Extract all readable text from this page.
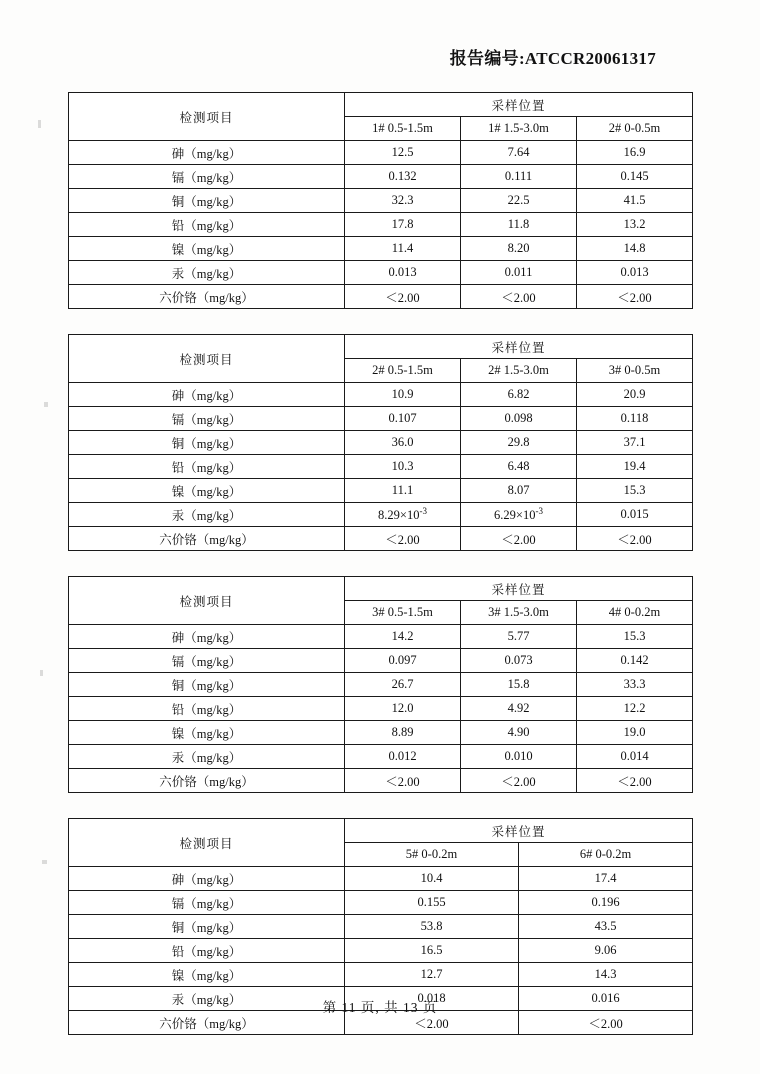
报告编号:ATCCR20061317
检测项目	采样位置		
	1# 0.5-1.5m	1# 1.5-3.0m	2# 0-0.5m
砷（mg/kg）	12.5	7.64	16.9
镉（mg/kg）	0.132	0.111	0.145
铜（mg/kg）	32.3	22.5	41.5
铅（mg/kg）	17.8	11.8	13.2
镍（mg/kg）	11.4	8.20	14.8
汞（mg/kg）	0.013	0.011	0.013
六价铬（mg/kg）	＜2.00	＜2.00	＜2.00
检测项目	采样位置		
	2# 0.5-1.5m	2# 1.5-3.0m	3# 0-0.5m
砷（mg/kg）	10.9	6.82	20.9
镉（mg/kg）	0.107	0.098	0.118
铜（mg/kg）	36.0	29.8	37.1
铅（mg/kg）	10.3	6.48	19.4
镍（mg/kg）	11.1	8.07	15.3
汞（mg/kg）	$8.29\times 10^{-3}$	$6.29\times 10^{-3}$	0.015
六价铬（mg/kg）	＜2.00	＜2.00	＜2.00
检测项目	采样位置		
	3# 0.5-1.5m	3# 1.5-3.0m	4# 0-0.2m
砷（mg/kg）	14.2	5.77	15.3
镉（mg/kg）	0.097	0.073	0.142
铜（mg/kg）	26.7	15.8	33.3
铅（mg/kg）	12.0	4.92	12.2
镍（mg/kg）	8.89	4.90	19.0
汞（mg/kg）	0.012	0.010	0.014
六价铬（mg/kg）	＜2.00	＜2.00	＜2.00
检测项目	采样位置	
	5# 0-0.2m	6# 0-0.2m
砷（mg/kg）	10.4	17.4
镉（mg/kg）	0.155	0.196
铜（mg/kg）	53.8	43.5
铅（mg/kg）	16.5	9.06
镍（mg/kg）	12.7	14.3
汞（mg/kg）	0.018	0.016
六价铬（mg/kg）	＜2.00	＜2.00
第 11 页, 共 13 页
